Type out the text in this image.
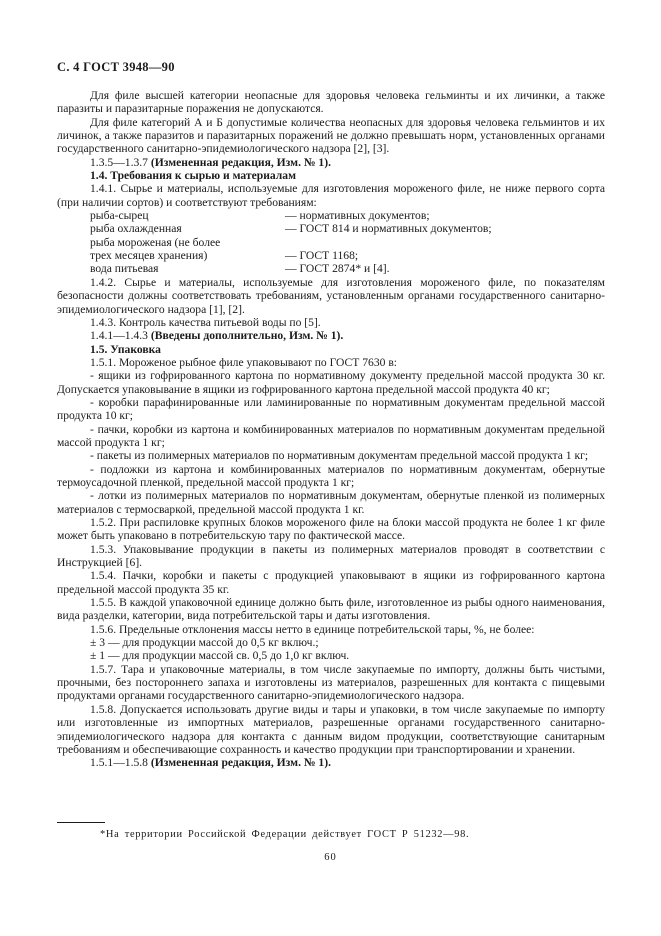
С. 4 ГОСТ 3948—90

Для филе высшей категории неопасные для здоровья человека гельминты и их личинки, а также паразиты и паразитарные поражения не допускаются.

Для филе категорий А и Б допустимые количества неопасных для здоровья человека гельминтов и их личинок, а также паразитов и паразитарных поражений не должно превышать норм, установленных органами государственного санитарно-эпидемиологического надзора [2], [3].

1.3.5—1.3.7 (Измененная редакция, Изм. № 1).

1.4. Требования к сырью и материалам

1.4.1. Сырье и материалы, используемые для изготовления мороженого филе, не ниже первого сорта (при наличии сортов) и соответствуют требованиям:

рыба-сырец	— нормативных документов;
рыба охлажденная	— ГОСТ 814 и нормативных документов;
рыба мороженая (не более
трех месяцев хранения)	— ГОСТ 1168;
вода питьевая	— ГОСТ 2874* и [4].

1.4.2. Сырье и материалы, используемые для изготовления мороженого филе, по показателям безопасности должны соответствовать требованиям, установленным органами государственного санитарно-эпидемиологического надзора [1], [2].

1.4.3. Контроль качества питьевой воды по [5].

1.4.1—1.4.3 (Введены дополнительно, Изм. № 1).

1.5. Упаковка

1.5.1. Мороженое рыбное филе упаковывают по ГОСТ 7630 в:

- ящики из гофрированного картона по нормативному документу предельной массой продукта 30 кг. Допускается упаковывание в ящики из гофрированного картона предельной массой продукта 40 кг;

- коробки парафинированные или ламинированные по нормативным документам предельной массой продукта 10 кг;

- пачки, коробки из картона и комбинированных материалов по нормативным документам предельной массой продукта 1 кг;

- пакеты из полимерных материалов по нормативным документам предельной массой продукта 1 кг;

- подложки из картона и комбинированных материалов по нормативным документам, обернутые термоусадочной пленкой, предельной массой продукта 1 кг;

- лотки из полимерных материалов по нормативным документам, обернутые пленкой из полимерных материалов с термосваркой, предельной массой продукта 1 кг.

1.5.2. При распиловке крупных блоков мороженого филе на блоки массой продукта не более 1 кг филе может быть упаковано в потребительскую тару по фактической массе.

1.5.3. Упаковывание продукции в пакеты из полимерных материалов проводят в соответствии с Инструкцией [6].

1.5.4. Пачки, коробки и пакеты с продукцией упаковывают в ящики из гофрированного картона предельной массой продукта 35 кг.

1.5.5. В каждой упаковочной единице должно быть филе, изготовленное из рыбы одного наименования, вида разделки, категории, вида потребительской тары и даты изготовления.

1.5.6. Предельные отклонения массы нетто в единице потребительской тары, %, не более:

± 3 — для продукции массой до 0,5 кг включ.;

± 1 — для продукции массой св. 0,5 до 1,0 кг включ.

1.5.7. Тара и упаковочные материалы, в том числе закупаемые по импорту, должны быть чистыми, прочными, без постороннего запаха и изготовлены из материалов, разрешенных для контакта с пищевыми продуктами органами государственного санитарно-эпидемиологического надзора.

1.5.8. Допускается использовать другие виды и тары и упаковки, в том числе закупаемые по импорту или изготовленные из импортных материалов, разрешенные органами государственного санитарно-эпидемиологического надзора для контакта с данным видом продукции, соответствующие санитарным требованиям и обеспечивающие сохранность и качество продукции при транспортировании и хранении.

1.5.1—1.5.8 (Измененная редакция, Изм. № 1).

*На территории Российской Федерации действует ГОСТ Р 51232—98.
60
